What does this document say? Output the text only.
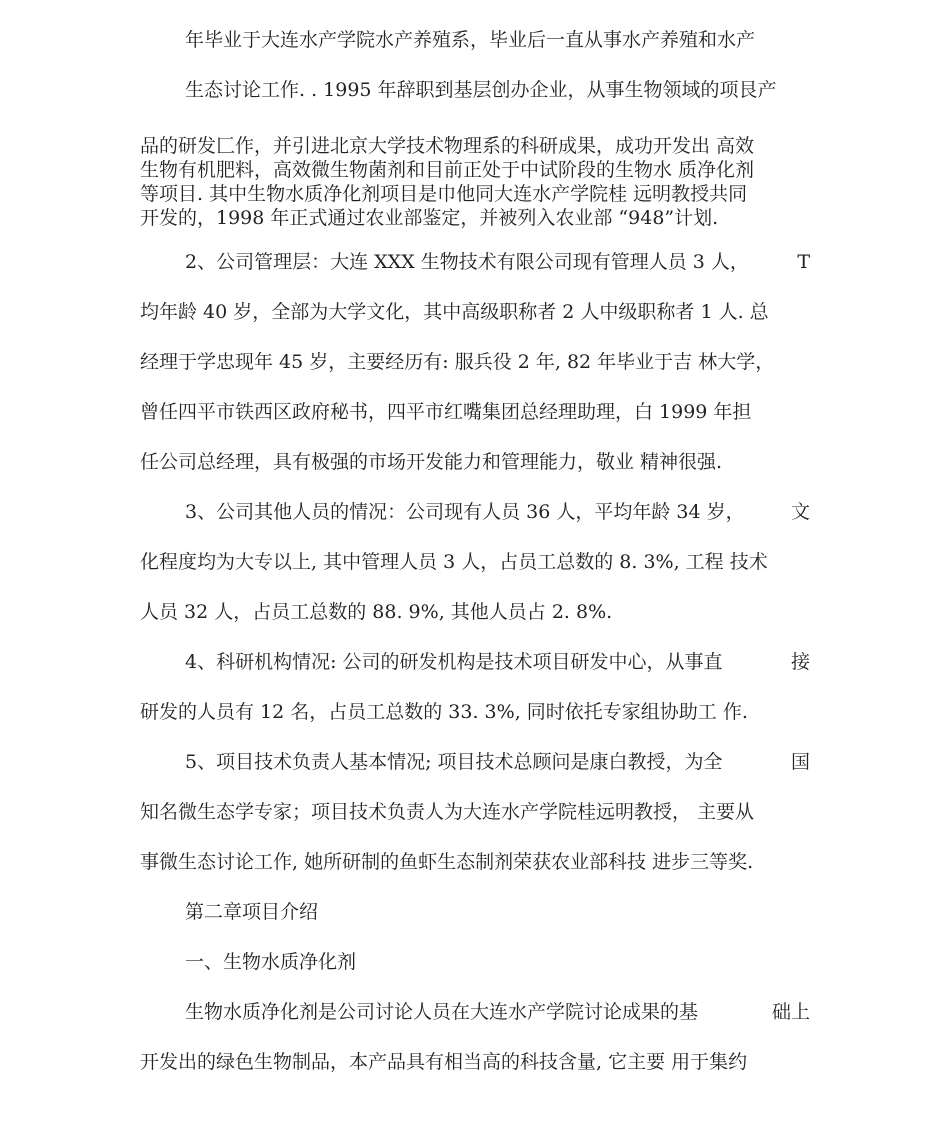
年毕业于大连水产学院水产养殖系，毕业后一直从事水产养殖和水产
生态讨论工作. . 1995 年辞职到基层创办企业，从事生物领域的项艮产
品的研发匚作，并引进北京大学技术物理系的科研成果，成功开发出 高效
生物有机肥料，高效微生物菌剂和目前正处于中试阶段的生物水 质净化剂
等项目. 其中生物水质净化剂项目是巾他同大连水产学院桂 远明教授共同
开发的，1998 年正式通过农业部鉴定，并被列入农业部 “948”计划.
2、公司管理层：大连 XXX 生物技术有限公司现有管理人员 3 人，	T
均年龄 40 岁，全部为大学文化，其中高级职称者 2 人中级职称者 1 人. 总
经理于学忠现年 45 岁，主要经历有: 服兵役 2 年, 82 年毕业于吉 林大学，
曾任四平市铁西区政府秘书，四平市红嘴集团总经理助理，白 1999 年担
任公司总经理，具有极强的市场开发能力和管理能力，敬业 精神很强.
3、公司其他人员的情况：公司现有人员 36 人，平均年龄 34 岁， 文
化程度均为大专以上, 其中管理人员 3 人，占员工总数的 8. 3%, 工程 技术
人员 32 人，占员工总数的 88. 9%, 其他人员占 2. 8%.
4、科研机构情况: 公司的研发机构是技术项目研发中心，从事直	接
研发的人员有 12 名，占员工总数的 33. 3%, 同时依托专家组协助工 作.
5、项目技术负责人基本情况; 项目技术总顾问是康白教授，为全	国
知名微生态学专家；项目技术负责人为大连水产学院桂远明教授， 主要从
事微生态讨论工作, 她所研制的鱼虾生态制剂荣获农业部科技 进步三等奖.
第二章项目介绍
一、生物水质净化剂
生物水质净化剂是公司讨论人员在大连水产学院讨论成果的基	础上
开发出的绿色生物制品，本产品具有相当高的科技含量, 它主要 用于集约
